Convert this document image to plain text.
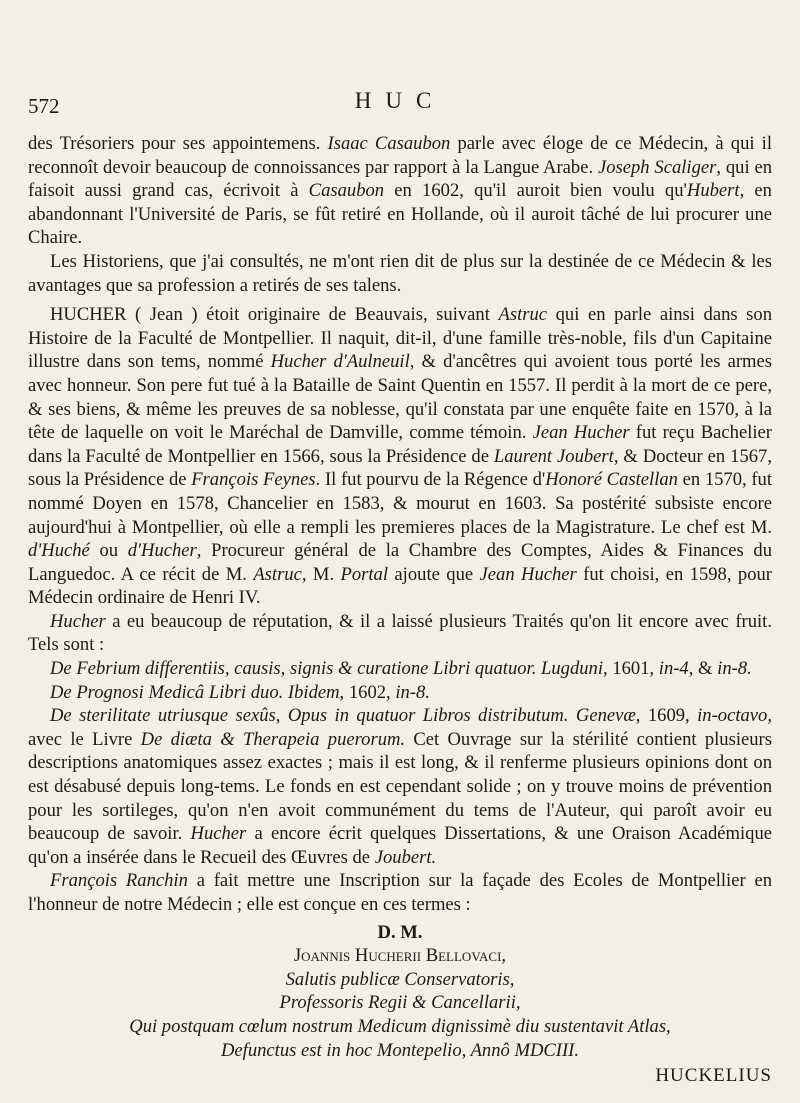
572	HUC

des Trésoriers pour ses appointemens. Isaac Casaubon parle avec éloge de ce Médecin, à qui il reconnoît devoir beaucoup de connoissances par rapport à la Langue Arabe. Joseph Scaliger, qui en faisoit aussi grand cas, écrivoit à Casaubon en 1602, qu'il auroit bien voulu qu'Hubert, en abandonnant l'Université de Paris, se fût retiré en Hollande, où il auroit tâché de lui procurer une Chaire.

Les Historiens, que j'ai consultés, ne m'ont rien dit de plus sur la destinée de ce Médecin & les avantages que sa profession a retirés de ses talens.

HUCHER ( Jean ) étoit originaire de Beauvais, suivant Astruc qui en parle ainsi dans son Histoire de la Faculté de Montpellier. Il naquit, dit-il, d'une famille très-noble, fils d'un Capitaine illustre dans son tems, nommé Hucher d'Aulneuil, & d'ancêtres qui avoient tous porté les armes avec honneur. Son pere fut tué à la Bataille de Saint Quentin en 1557. Il perdit à la mort de ce pere, & ses biens, & même les preuves de sa noblesse, qu'il constata par une enquête faite en 1570, à la tête de laquelle on voit le Maréchal de Damville, comme témoin. Jean Hucher fut reçu Bachelier dans la Faculté de Montpellier en 1566, sous la Présidence de Laurent Joubert, & Docteur en 1567, sous la Présidence de François Feynes. Il fut pourvu de la Régence d'Honoré Castellan en 1570, fut nommé Doyen en 1578, Chancelier en 1583, & mourut en 1603. Sa postérité subsiste encore aujourd'hui à Montpellier, où elle a rempli les premieres places de la Magistrature. Le chef est M. d'Huché ou d'Hucher, Procureur général de la Chambre des Comptes, Aides & Finances du Languedoc. A ce récit de M. Astruc, M. Portal ajoute que Jean Hucher fut choisi, en 1598, pour Médecin ordinaire de Henri IV.

Hucher a eu beaucoup de réputation, & il a laissé plusieurs Traités qu'on lit encore avec fruit. Tels sont :

De Febrium differentiis, causis, signis & curatione Libri quatuor. Lugduni, 1601, in-4, & in-8.

De Prognosi Medicâ Libri duo. Ibidem, 1602, in-8.

De sterilitate utriusque sexûs, Opus in quatuor Libros distributum. Genevæ, 1609, in-octavo, avec le Livre De diæta & Therapeia puerorum. Cet Ouvrage sur la stérilité contient plusieurs descriptions anatomiques assez exactes ; mais il est long, & il renferme plusieurs opinions dont on est désabusé depuis long-tems. Le fonds en est cependant solide ; on y trouve moins de prévention pour les sortileges, qu'on n'en avoit communément du tems de l'Auteur, qui paroît avoir eu beaucoup de savoir. Hucher a encore écrit quelques Dissertations, & une Oraison Académique qu'on a insérée dans le Recueil des Œuvres de Joubert.

François Ranchin a fait mettre une Inscription sur la façade des Ecoles de Montpellier en l'honneur de notre Médecin ; elle est conçue en ces termes :

D. M.
Joannis Hucherii Bellovaci,
Salutis publicæ Conservatoris,
Professoris Regii & Cancellarii,
Qui postquam cœlum nostrum Medicum dignissimè diu sustentavit Atlas,
Defunctus est in hoc Montepelio, Annô MDCIII.
HUCKELIUS
